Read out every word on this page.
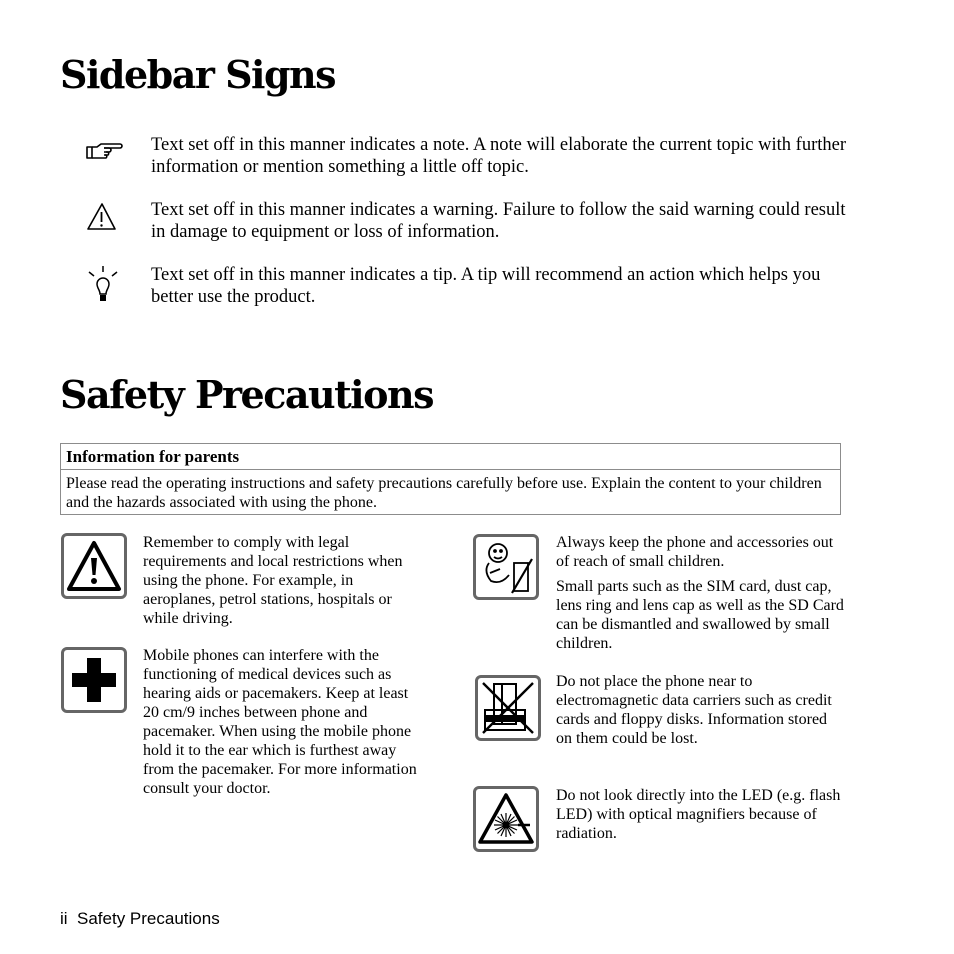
Sidebar Signs
Text set off in this manner indicates a note. A note will elaborate the current topic with further information or mention something a little off topic.
Text set off in this manner indicates a warning. Failure to follow the said warning could result in damage to equipment or loss of information.
Text set off in this manner indicates a tip. A tip will recommend an action which helps you better use the product.
Safety Precautions
Information for parents
Please read the operating instructions and safety precautions carefully before use. Explain the content to your children and the hazards associated with using the phone.

Remember to comply with legal requirements and local restrictions when using the phone. For example, in aeroplanes, petrol stations, hospitals or while driving.

Mobile phones can interfere with the functioning of medical devices such as hearing aids or pacemakers. Keep at least 20 cm/9 inches between phone and pacemaker. When using the mobile phone hold it to the ear which is furthest away from the pacemaker. For more information consult your doctor.

Always keep the phone and accessories out of reach of small children.

Small parts such as the SIM card, dust cap, lens ring and lens cap as well as the SD Card can be dismantled and swallowed by small children.

Do not place the phone near to electromagnetic data carriers such as credit cards and floppy disks. Information stored on them could be lost.

Do not look directly into the LED (e.g. flash LED) with optical magnifiers because of radiation.

ii Safety Precautions
